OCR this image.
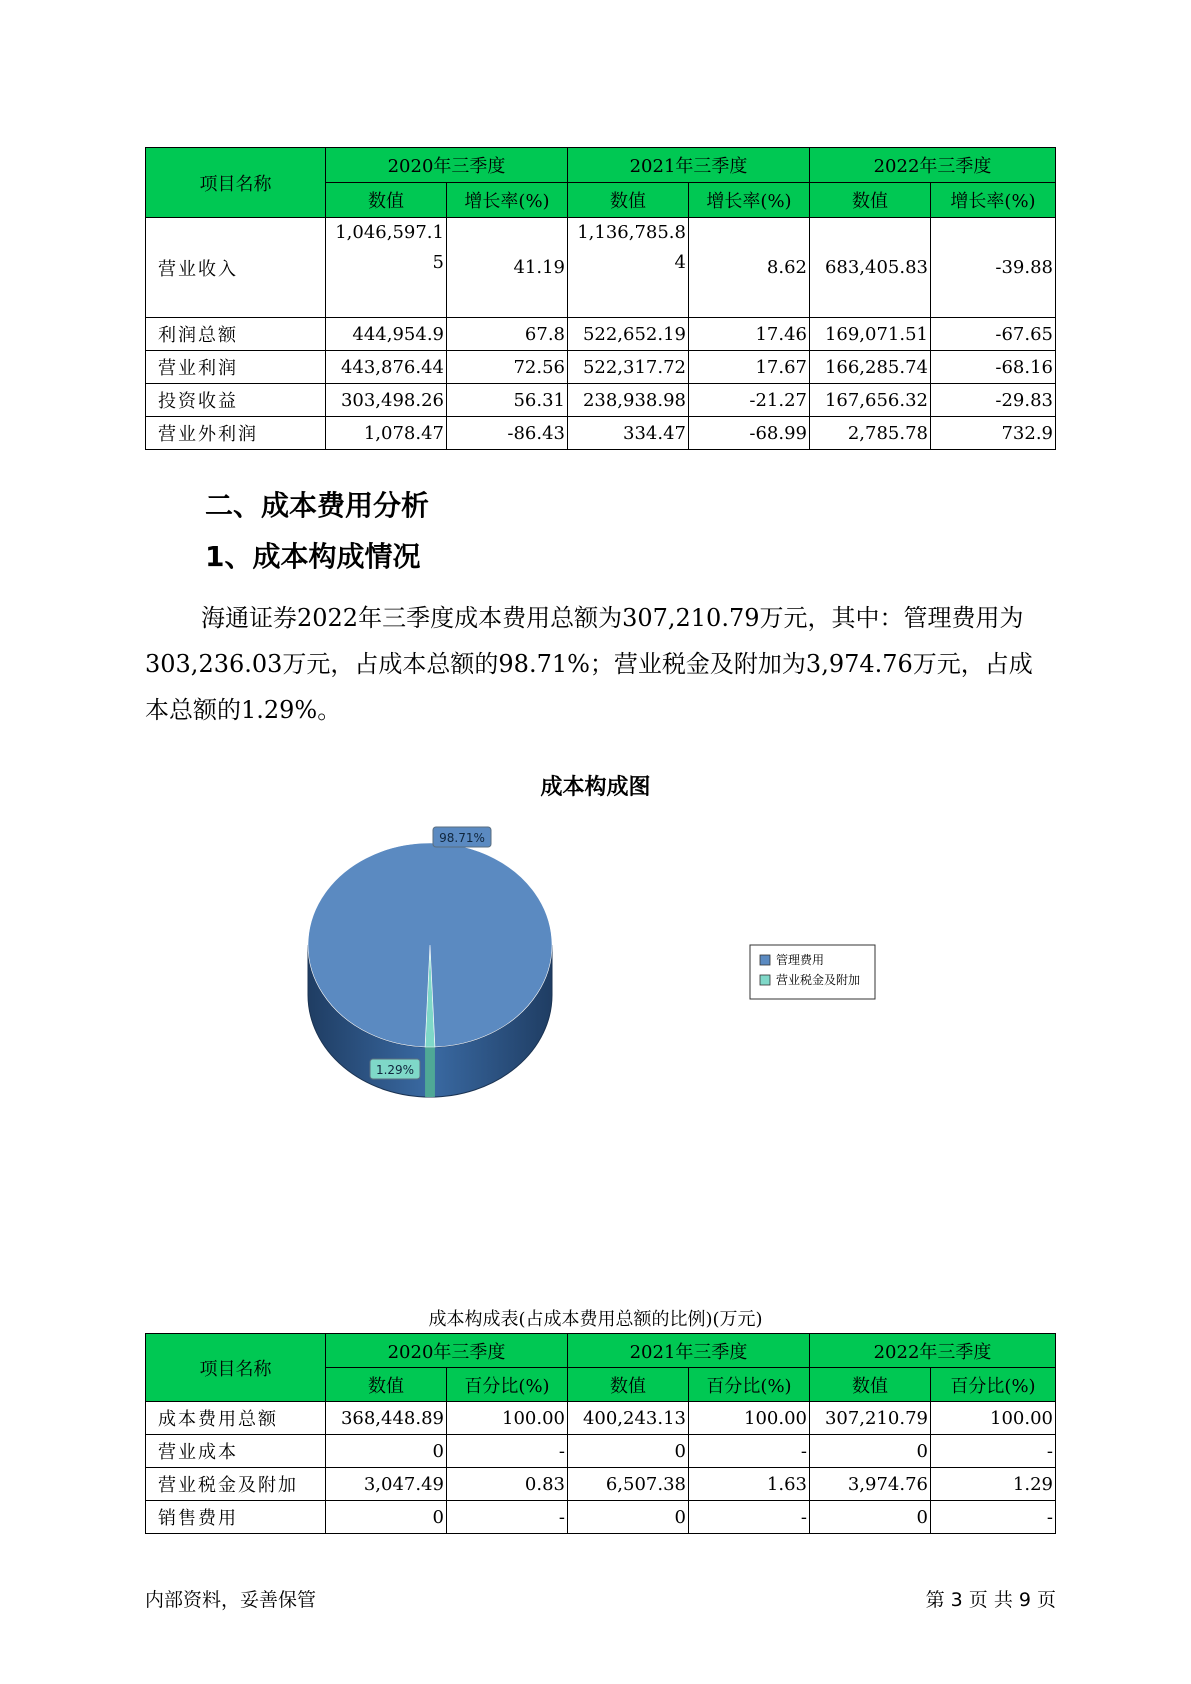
项目名称	2020年三季度		2021年三季度		2022年三季度	
	数值	增长率(%)	数值	增长率(%)	数值	增长率(%)
营业收入	1,046,597.15	41.19	1,136,785.84	8.62	683,405.83	-39.88
利润总额	444,954.9	67.8	522,652.19	17.46	169,071.51	-67.65
营业利润	443,876.44	72.56	522,317.72	17.67	166,285.74	-68.16
投资收益	303,498.26	56.31	238,938.98	-21.27	167,656.32	-29.83
营业外利润	1,078.47	-86.43	334.47	-68.99	2,785.78	732.9
二、成本费用分析
1、成本构成情况
海通证券2022年三季度成本费用总额为307,210.79万元，其中：管理费用为303,236.03万元，占成本总额的98.71%；营业税金及附加为3,974.76万元，占成本总额的1.29%。
成本构成图
98.71%
1.29%
管理费用
营业税金及附加
成本构成表(占成本费用总额的比例)(万元)
项目名称	2020年三季度		2021年三季度		2022年三季度	
	数值	百分比(%)	数值	百分比(%)	数值	百分比(%)
成本费用总额	368,448.89	100.00	400,243.13	100.00	307,210.79	100.00
营业成本	0	-	0	-	0	-
营业税金及附加	3,047.49	0.83	6,507.38	1.63	3,974.76	1.29
销售费用	0	-	0	-	0	-
内部资料，妥善保管	第 3 页 共 9 页
